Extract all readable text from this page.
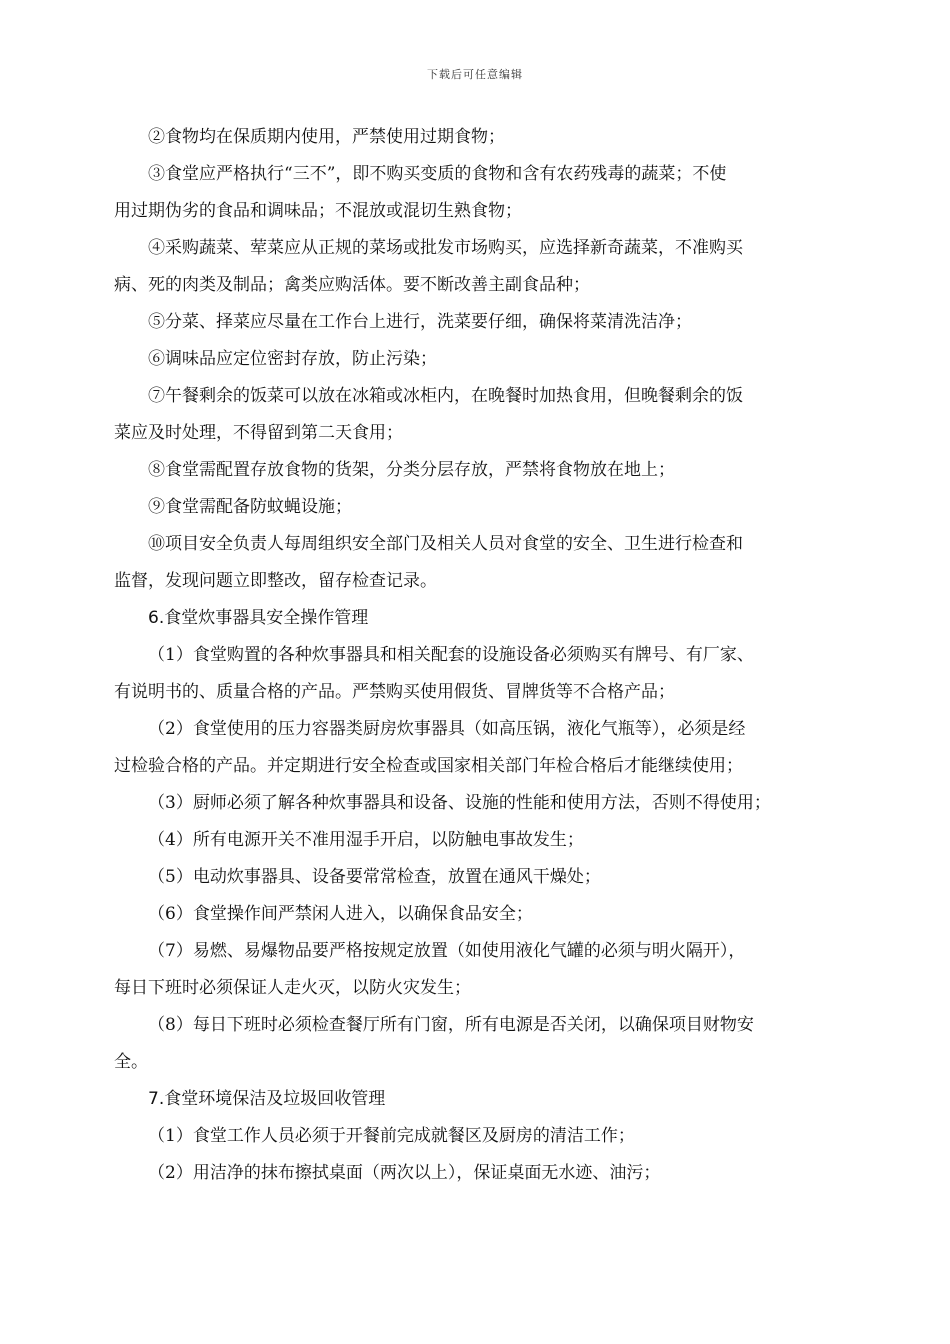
下载后可任意编辑

②食物均在保质期内使用，严禁使用过期食物；

③食堂应严格执行“三不”，即不购买变质的食物和含有农药残毒的蔬菜；不使
用过期伪劣的食品和调味品；不混放或混切生熟食物；

④采购蔬菜、荤菜应从正规的菜场或批发市场购买，应选择新奇蔬菜，不准购买
病、死的肉类及制品；禽类应购活体。要不断改善主副食品种；

⑤分菜、择菜应尽量在工作台上进行，洗菜要仔细，确保将菜清洗洁净；

⑥调味品应定位密封存放，防止污染；

⑦午餐剩余的饭菜可以放在冰箱或冰柜内，在晚餐时加热食用，但晚餐剩余的饭
菜应及时处理，不得留到第二天食用；

⑧食堂需配置存放食物的货架，分类分层存放，严禁将食物放在地上；

⑨食堂需配备防蚊蝇设施；

⑩项目安全负责人每周组织安全部门及相关人员对食堂的安全、卫生进行检查和
监督，发现问题立即整改，留存检查记录。

6.食堂炊事器具安全操作管理

（1）食堂购置的各种炊事器具和相关配套的设施设备必须购买有牌号、有厂家、
有说明书的、质量合格的产品。严禁购买使用假货、冒牌货等不合格产品；

（2）食堂使用的压力容器类厨房炊事器具（如高压锅，液化气瓶等），必须是经
过检验合格的产品。并定期进行安全检查或国家相关部门年检合格后才能继续使用；

（3）厨师必须了解各种炊事器具和设备、设施的性能和使用方法，否则不得使用；

（4）所有电源开关不准用湿手开启，以防触电事故发生；

（5）电动炊事器具、设备要常常检查，放置在通风干燥处；

（6）食堂操作间严禁闲人进入，以确保食品安全；

（7）易燃、易爆物品要严格按规定放置（如使用液化气罐的必须与明火隔开），
每日下班时必须保证人走火灭，以防火灾发生；

（8）每日下班时必须检查餐厅所有门窗，所有电源是否关闭，以确保项目财物安
全。

7.食堂环境保洁及垃圾回收管理

（1）食堂工作人员必须于开餐前完成就餐区及厨房的清洁工作；

（2）用洁净的抹布擦拭桌面（两次以上），保证桌面无水迹、油污；
